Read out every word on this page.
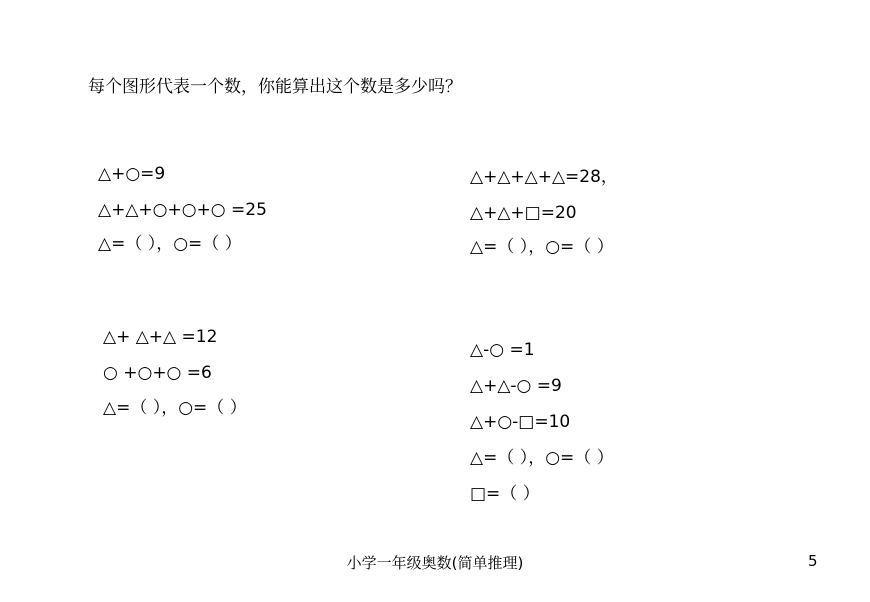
每个图形代表一个数，你能算出这个数是多少吗？
△+○=9
△+△+○+○+○ =25
△=（ ），○=（ ）
△+△+△+△=28，
△+△+□=20
△=（ ），○=（ ）
△+ △+△ =12
○ +○+○ =6
△=（ ），○=（ ）
△-○ =1
△+△-○ =9
△+○-□=10
△=（ ），○=（ ）
□=（ ）
小学一年级奥数(简单推理)	5
